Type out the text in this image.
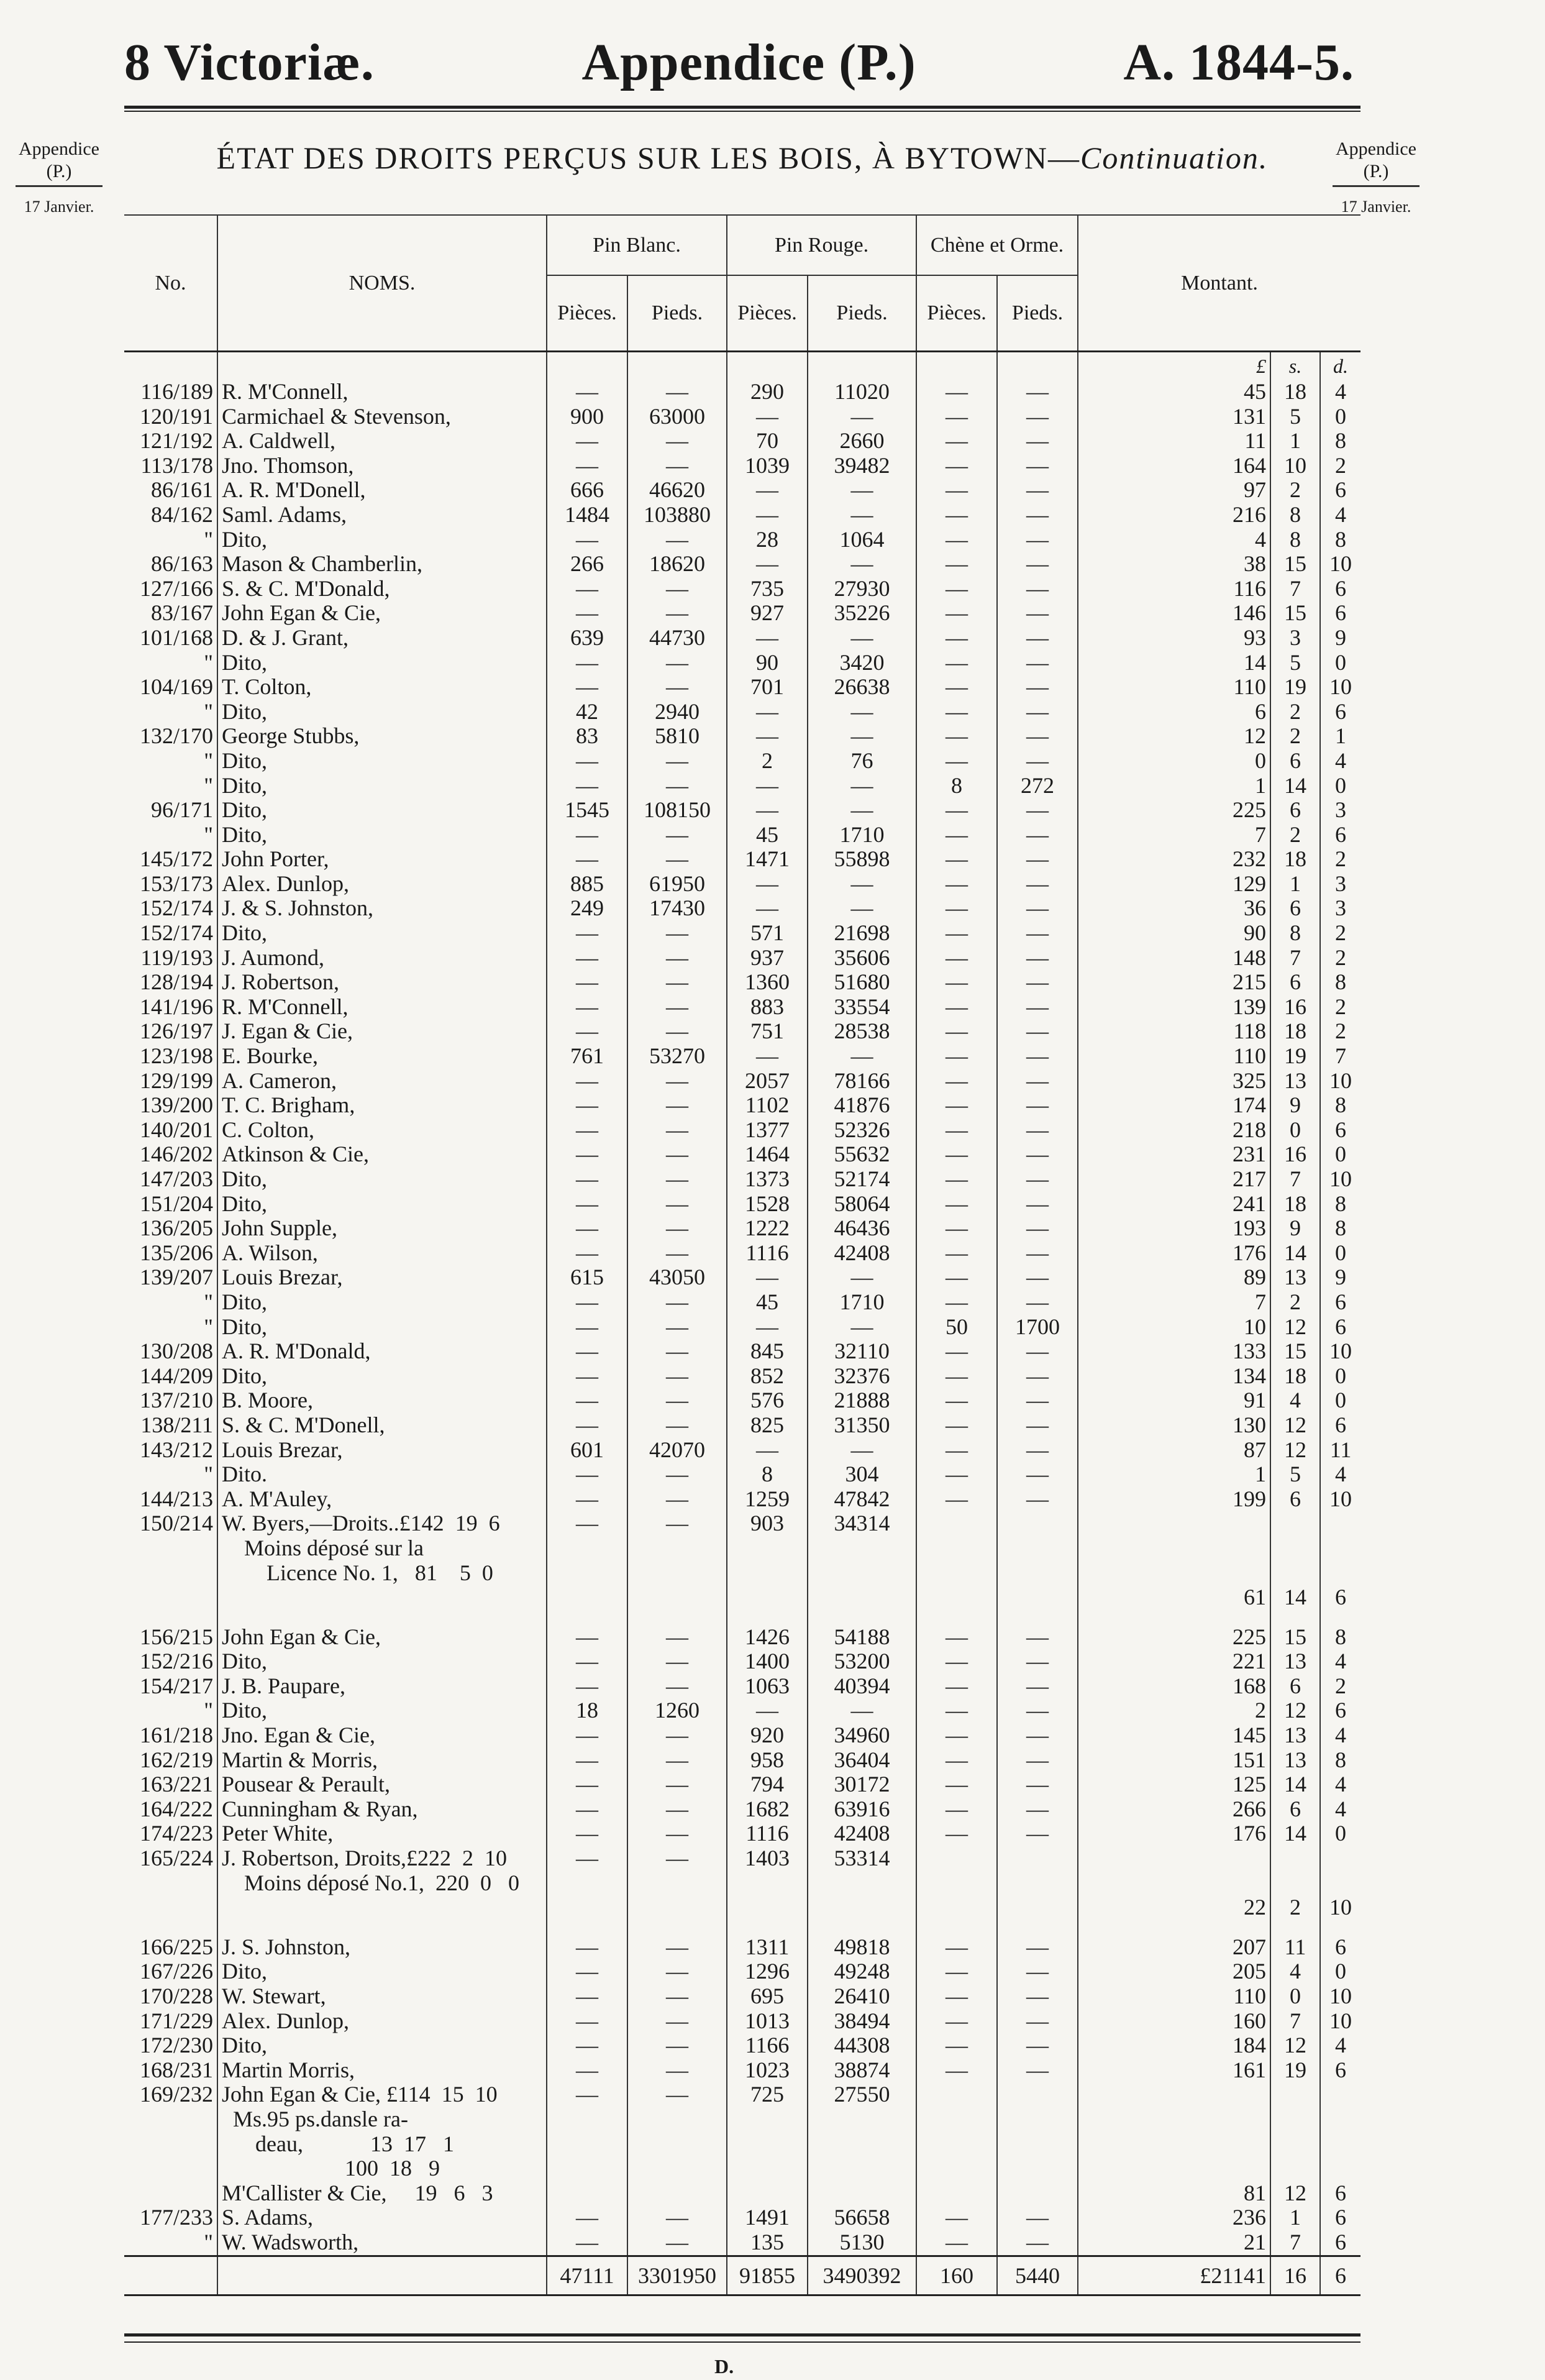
8 Victoriæ.	Appendice (P.)	A. 1844-5.
Appendice
(P.)
17 Janvier.
Appendice
(P.)
17 Janvier.
ÉTAT DES DROITS PERÇUS SUR LES BOIS, À BYTOWN—Continuation.
No.	NOMS.	Pin Blanc.		Pin Rouge.		Chène et Orme.		Montant.		
		Pièces.	Pieds.	Pièces.	Pieds.	Pièces.	Pieds.			
								£	s.	d.
116/189	R. M'Connell,	—	—	290	11020	—	—	45	18	4
120/191	Carmichael & Stevenson,	900	63000	—	—	—	—	131	5	0
121/192	A. Caldwell,	—	—	70	2660	—	—	11	1	8
113/178	Jno. Thomson,	—	—	1039	39482	—	—	164	10	2
86/161	A. R. M'Donell,	666	46620	—	—	—	—	97	2	6
84/162	Saml. Adams,	1484	103880	—	—	—	—	216	8	4
"	Dito,	—	—	28	1064	—	—	4	8	8
86/163	Mason & Chamberlin,	266	18620	—	—	—	—	38	15	10
127/166	S. & C. M'Donald,	—	—	735	27930	—	—	116	7	6
83/167	John Egan & Cie,	—	—	927	35226	—	—	146	15	6
101/168	D. & J. Grant,	639	44730	—	—	—	—	93	3	9
"	Dito,	—	—	90	3420	—	—	14	5	0
104/169	T. Colton,	—	—	701	26638	—	—	110	19	10
"	Dito,	42	2940	—	—	—	—	6	2	6
132/170	George Stubbs,	83	5810	—	—	—	—	12	2	1
"	Dito,	—	—	2	76	—	—	0	6	4
"	Dito,	—	—	—	—	8	272	1	14	0
96/171	Dito,	1545	108150	—	—	—	—	225	6	3
"	Dito,	—	—	45	1710	—	—	7	2	6
145/172	John Porter,	—	—	1471	55898	—	—	232	18	2
153/173	Alex. Dunlop,	885	61950	—	—	—	—	129	1	3
152/174	J. & S. Johnston,	249	17430	—	—	—	—	36	6	3
152/174	Dito,	—	—	571	21698	—	—	90	8	2
119/193	J. Aumond,	—	—	937	35606	—	—	148	7	2
128/194	J. Robertson,	—	—	1360	51680	—	—	215	6	8
141/196	R. M'Connell,	—	—	883	33554	—	—	139	16	2
126/197	J. Egan & Cie,	—	—	751	28538	—	—	118	18	2
123/198	E. Bourke,	761	53270	—	—	—	—	110	19	7
129/199	A. Cameron,	—	—	2057	78166	—	—	325	13	10
139/200	T. C. Brigham,	—	—	1102	41876	—	—	174	9	8
140/201	C. Colton,	—	—	1377	52326	—	—	218	0	6
146/202	Atkinson & Cie,	—	—	1464	55632	—	—	231	16	0
147/203	Dito,	—	—	1373	52174	—	—	217	7	10
151/204	Dito,	—	—	1528	58064	—	—	241	18	8
136/205	John Supple,	—	—	1222	46436	—	—	193	9	8
135/206	A. Wilson,	—	—	1116	42408	—	—	176	14	0
139/207	Louis Brezar,	615	43050	—	—	—	—	89	13	9
"	Dito,	—	—	45	1710	—	—	7	2	6
"	Dito,	—	—	—	—	50	1700	10	12	6
130/208	A. R. M'Donald,	—	—	845	32110	—	—	133	15	10
144/209	Dito,	—	—	852	32376	—	—	134	18	0
137/210	B. Moore,	—	—	576	21888	—	—	91	4	0
138/211	S. & C. M'Donell,	—	—	825	31350	—	—	130	12	6
143/212	Louis Brezar,	601	42070	—	—	—	—	87	12	11
"	Dito.	—	—	8	304	—	—	1	5	4
144/213	A. M'Auley,	—	—	1259	47842	—	—	199	6	10
150/214	W. Byers,—Droits..£142  19  6	—	—	903	34314					
	Moins déposé sur la									
	Licence No. 1,   81    5  0									
								61	14	6

156/215	John Egan & Cie,	—	—	1426	54188	—	—	225	15	8
152/216	Dito,	—	—	1400	53200	—	—	221	13	4
154/217	J. B. Paupare,	—	—	1063	40394	—	—	168	6	2
"	Dito,	18	1260	—	—	—	—	2	12	6
161/218	Jno. Egan & Cie,	—	—	920	34960	—	—	145	13	4
162/219	Martin & Morris,	—	—	958	36404	—	—	151	13	8
163/221	Pousear & Perault,	—	—	794	30172	—	—	125	14	4
164/222	Cunningham & Ryan,	—	—	1682	63916	—	—	266	6	4
174/223	Peter White,	—	—	1116	42408	—	—	176	14	0
165/224	J. Robertson, Droits,£222  2  10	—	—	1403	53314					
	Moins déposé No.1,  220  0   0									
								22	2	10

166/225	J. S. Johnston,	—	—	1311	49818	—	—	207	11	6
167/226	Dito,	—	—	1296	49248	—	—	205	4	0
170/228	W. Stewart,	—	—	695	26410	—	—	110	0	10
171/229	Alex. Dunlop,	—	—	1013	38494	—	—	160	7	10
172/230	Dito,	—	—	1166	44308	—	—	184	12	4
168/231	Martin Morris,	—	—	1023	38874	—	—	161	19	6
169/232	John Egan & Cie, £114  15  10	—	—	725	27550					
	Ms.95 ps.dansle ra-									
	deau,            13  17   1									
	100  18   9									
	M'Callister & Cie,     19   6   3							81	12	6
177/233	S. Adams,	—	—	1491	56658	—	—	236	1	6
"	W. Wadsworth,	—	—	135	5130	—	—	21	7	6
		47111	3301950	91855	3490392	160	5440	£21141	16	6
D.
